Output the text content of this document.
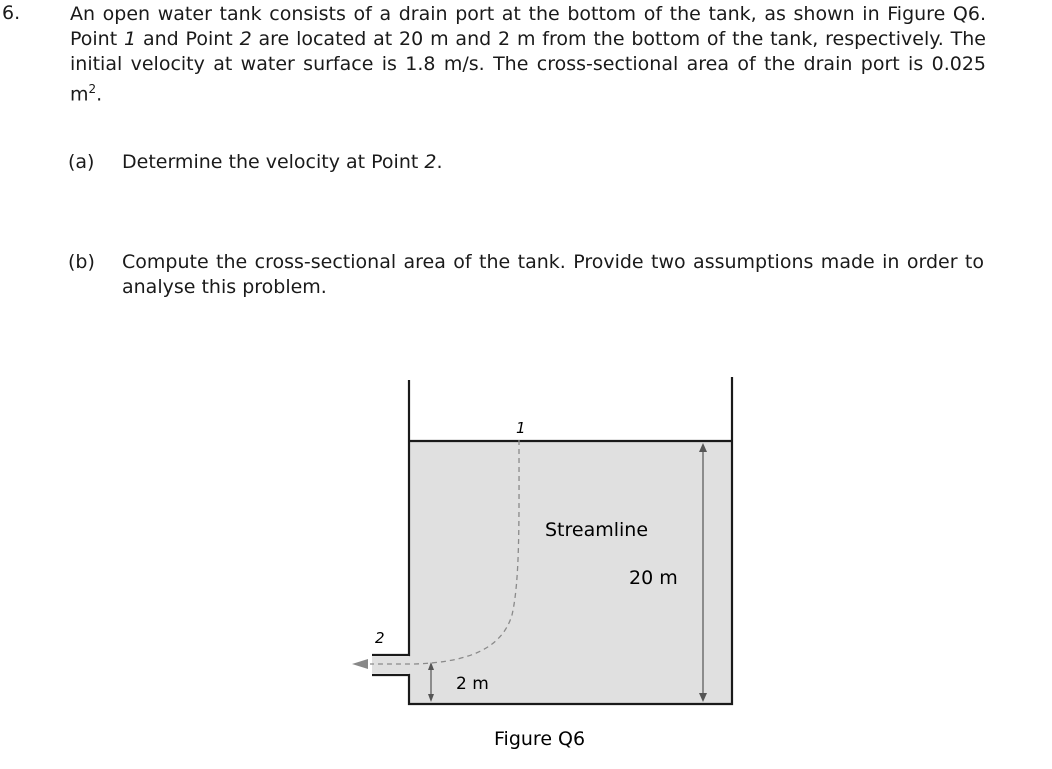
6.	An open water tank consists of a drain port at the bottom of the tank, as shown in Figure Q6. Point 1 and Point 2 are located at 20 m and 2 m from the bottom of the tank, respectively. The initial velocity at water surface is 1.8 m/s. The cross-sectional area of the drain port is 0.025 $m^2$.
(a) Determine the velocity at Point 2.
(b) Compute the cross-sectional area of the tank. Provide two assumptions made in order to analyse this problem.
1
2
Streamline
20 m
2 m
Figure Q6
